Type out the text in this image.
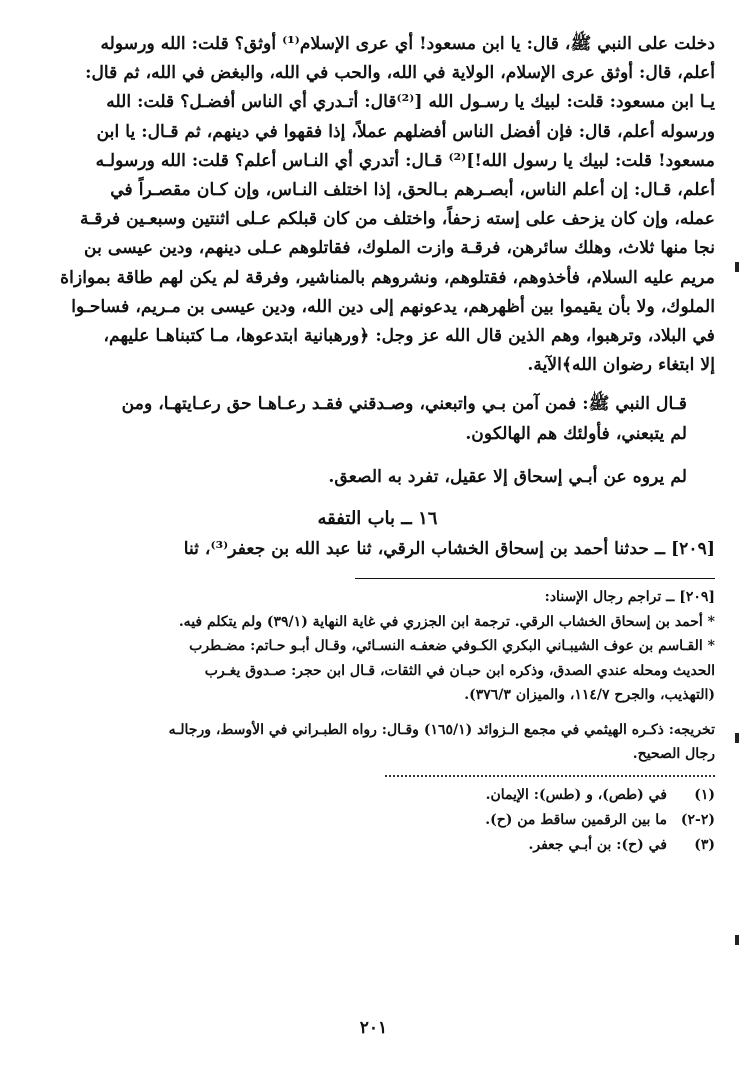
دخلت على النبي ﷺ، قال: يا ابن مسعود! أي عرى الإسلام⁽¹⁾ أوثق؟ قلت: الله ورسوله
أعلم، قال: أوثق عرى الإسلام، الولاية في الله، والحب في الله، والبغض في الله، ثم قال:
يـا ابن مسعود: قلت: لبيك يا رسـول الله [⁽²⁾قال: أتـدري أي الناس أفضـل؟ قلت: الله
ورسوله أعلم، قال: فإن أفضل الناس أفضلهم عملاً، إذا فقهوا في دينهم، ثم قـال: يا ابن
مسعود! قلت: لبيك يا رسول الله!]⁽²⁾ قـال: أتدري أي النـاس أعلم؟ قلت: الله ورسولـه
أعلم، قـال: إن أعلم الناس، أبصـرهم بـالحق، إذا اختلف النـاس، وإن كـان مقصـراً في
عمله، وإن كان يزحف على إسته زحفاً، واختلف من كان قبلكم عـلى اثنتين وسبعـين فرقـة
نجا منها ثلاث، وهلك سائرهن، فرقـة وازت الملوك، فقاتلوهم عـلى دينهم، ودين عيسى بن
مريم عليه السلام، فأخذوهم، فقتلوهم، ونشروهم بالمناشير، وفرقة لم يكن لهم طاقة بموازاة
الملوك، ولا بأن يقيموا بين أظهرهم، يدعونهم إلى دين الله، ودين عيسى بن مـريم، فساحـوا
في البلاد، وترهبوا، وهم الذين قال الله عز وجل: ﴿ورهبانية ابتدعوها، مـا كتبناهـا عليهم،
إلا ابتغاء رضوان الله﴾الآية.
قـال النبي ﷺ: فمن آمن بـي واتبعني، وصـدقني فقـد رعـاهـا حق رعـايتهـا، ومن
لم يتبعني، فأولئك هم الهالكون.
لم يروه عن أبـي إسحاق إلا عقيل، تفرد به الصعق.
١٦ ــ باب التفقه
[٢٠٩] ــ حدثنا أحمد بن إسحاق الخشاب الرقي، ثنا عبد الله بن جعفر⁽³⁾، ثنا
[٢٠٩] ــ تراجم رجال الإسناد:
* أحمد بن إسحاق الخشاب الرقي. ترجمة ابن الجزري في غاية النهاية (٣٩/١) ولم يتكلم فيه.
* القـاسم بن عوف الشيبـاني البكري الكـوفي ضعفـه النسـائي، وقـال أبـو حـاتم: مضـطرب
الحديث ومحله عندي الصدق، وذكره ابن حبـان في الثقات، قـال ابن حجر: صـدوق يغـرب
(التهذيب، والجرح ١١٤/٧، والميزان ٣٧٦/٣).
تخريجه: ذكـره الهيثمي في مجمع الـزوائد (١٦٥/١) وقـال: رواه الطبـراني في الأوسط، ورجالـه
رجال الصحيح.
(١)
في (طص)، و (طس): الإيمان.
(٢-٢)
ما بين الرقمين ساقط من (ح).
(٣)
في (ح): بن أبـي جعفر.
٢٠١
